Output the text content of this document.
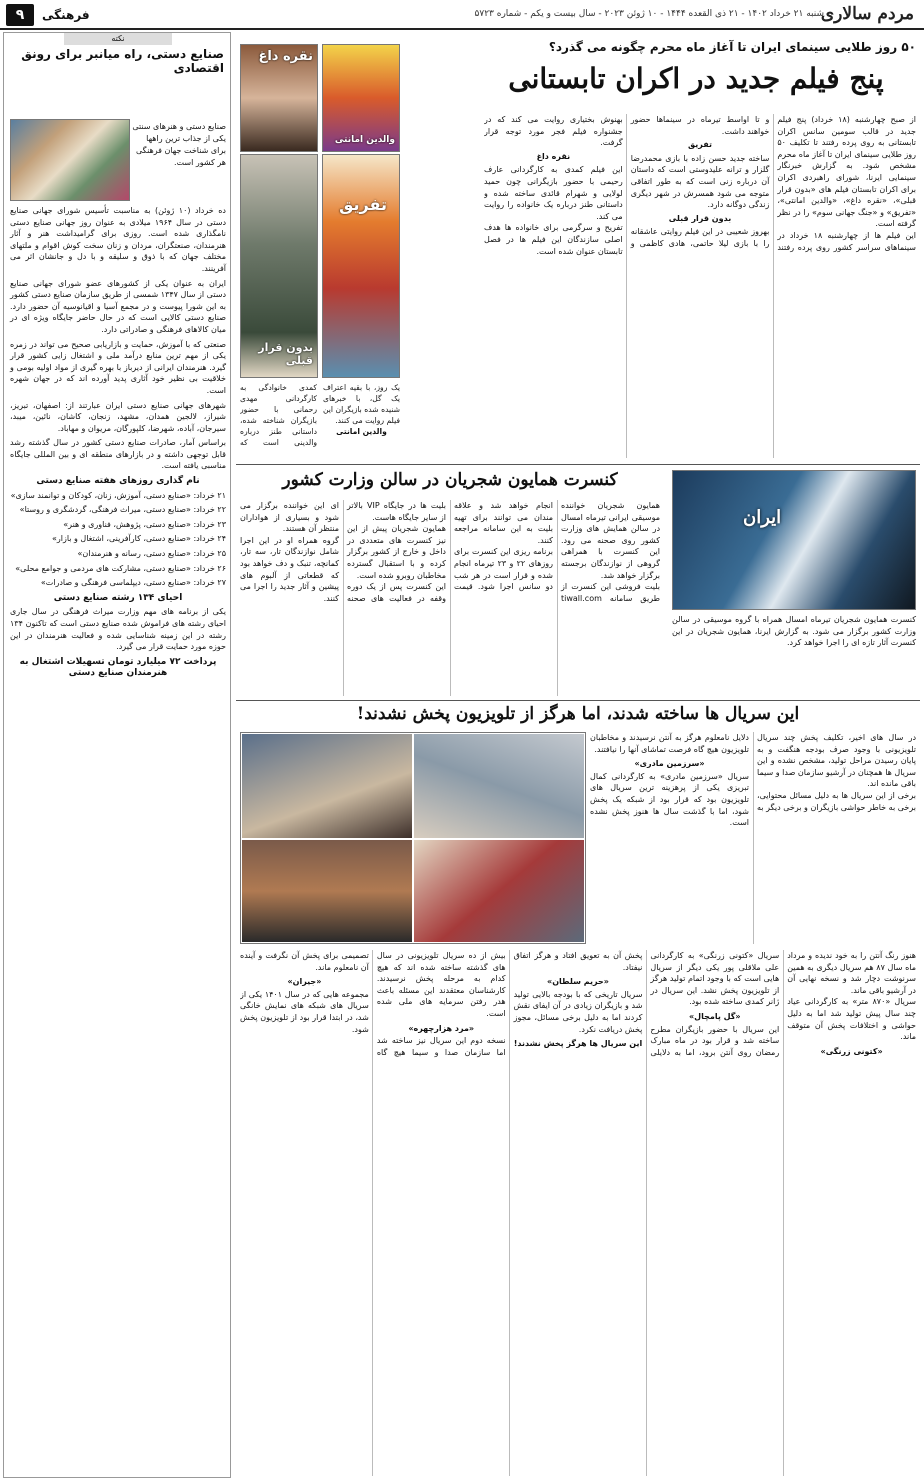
مردم سالاری
شنبه ۲۱ خرداد ۱۴۰۲ - ۲۱ ذی القعده ۱۴۴۴ - ۱۰ ژوئن ۲۰۲۳ - سال بیست و یکم - شماره ۵۷۲۳
فرهنگی
۹
نکته
صنایع دستی، راه میانبر برای رونق اقتصادی
صنایع دستی و هنرهای سنتی یکی از جذاب ترین راهها برای شناخت جهان فرهنگی هر کشور است.

ده خرداد (۱۰ ژوئن) به مناسبت تأسیس شورای جهانی صنایع دستی در سال ۱۹۶۴ میلادی به عنوان روز جهانی صنایع دستی نامگذاری شده است. روزی برای گرامیداشت هنر و آثار هنرمندان، صنعتگران، مردان و زنان سخت کوش اقوام و ملتهای مختلف جهان که با ذوق و سلیقه و با دل و جانشان اثر می آفرینند.

ایران به عنوان یکی از کشورهای عضو شورای جهانی صنایع دستی از سال ۱۳۴۷ شمسی از طریق سازمان صنایع دستی کشور به این شورا پیوست و در مجمع آسیا و اقیانوسیه آن حضور دارد. صنایع دستی کالایی است که در حال حاضر جایگاه ویژه ای در میان کالاهای فرهنگی و صادراتی دارد.

صنعتی که با آموزش، حمایت و بازاریابی صحیح می تواند در زمره یکی از مهم ترین منابع درآمد ملی و اشتغال زایی کشور قرار گیرد. هنرمندان ایرانی از دیرباز با بهره گیری از مواد اولیه بومی و خلاقیت بی نظیر خود آثاری پدید آورده اند که در جهان شهره است.

شهرهای جهانی صنایع دستی ایران عبارتند از: اصفهان، تبریز، شیراز، لالجین همدان، مشهد، زنجان، کاشان، نائین، میبد، سیرجان، آباده، شهرضا، کلپورگان، مریوان و مهاباد.

براساس آمار، صادرات صنایع دستی کشور در سال گذشته رشد قابل توجهی داشته و در بازارهای منطقه ای و بین المللی جایگاه مناسبی یافته است.

نام گذاری روزهای هفته صنایع دستی

۲۱ خرداد: «صنایع دستی، آموزش، زنان، کودکان و توانمند سازی»

۲۲ خرداد: «صنایع دستی، میراث فرهنگی، گردشگری و روستا»

۲۳ خرداد: «صنایع دستی، پژوهش، فناوری و هنر»

۲۴ خرداد: «صنایع دستی، کارآفرینی، اشتغال و بازار»

۲۵ خرداد: «صنایع دستی، رسانه و هنرمندان»

۲۶ خرداد: «صنایع دستی، مشارکت های مردمی و جوامع محلی»

۲۷ خرداد: «صنایع دستی، دیپلماسی فرهنگی و صادرات»

احیای ۱۳۴ رشته صنایع دستی

یکی از برنامه های مهم وزارت میراث فرهنگی در سال جاری احیای رشته های فراموش شده صنایع دستی است که تاکنون ۱۳۴ رشته در این زمینه شناسایی شده و فعالیت هنرمندان در این حوزه مورد حمایت قرار می گیرد.

پرداخت ۷۲ میلیارد تومان تسهیلات اشتغال به هنرمندان صنایع دستی
۵۰ روز طلایی سینمای ایران تا آغاز ماه محرم چگونه می گذرد؟
پنج فیلم جدید در اکران تابستانی

از صبح چهارشنبه (۱۸ خرداد) پنج فیلم جدید در قالب سومین سانس اکران تابستانی به روی پرده رفتند تا تکلیف ۵۰ روز طلایی سینمای ایران تا آغاز ماه محرم مشخص شود. به گزارش خبرنگار سینمایی ایرنا، شورای راهبردی اکران برای اکران تابستان فیلم های «بدون قرار قبلی»، «نقره داغ»، «والدین امانتی»، «تفریق» و «جنگ جهانی سوم» را در نظر گرفته است.

این فیلم ها از چهارشنبه ۱۸ خرداد در سینماهای سراسر کشور روی پرده رفتند و تا اواسط تیرماه در سینماها حضور خواهند داشت.

تفریق

ساخته جدید حسن زاده با بازی محمدرضا گلزار و ترانه علیدوستی است که داستان آن درباره زنی است که به طور اتفاقی متوجه می شود همسرش در شهر دیگری زندگی دوگانه دارد.

بدون قرار قبلی

بهروز شعیبی در این فیلم روایتی عاشقانه را با بازی لیلا حاتمی، هادی کاظمی و بهنوش بختیاری روایت می کند که در جشنواره فیلم فجر مورد توجه قرار گرفت.

نقره داغ

این فیلم کمدی به کارگردانی عارف رحیمی با حضور بازیگرانی چون حمید لولایی و شهرام قائدی ساخته شده و داستانی طنز درباره یک خانواده را روایت می کند.

تفریح و سرگرمی برای خانواده ها هدف اصلی سازندگان این فیلم ها در فصل تابستان عنوان شده است.

نقره داغ
والدین امانتی
بدون قرار قبلی
تفریق

یک روز، با بقیه اعتراف یک گل، با خبرهای شنیده شده بازیگران این فیلم روایت می کنند.

والدین امانتی

کمدی خانوادگی به کارگردانی مهدی رحمانی با حضور بازیگران شناخته شده، داستانی طنز درباره والدینی است که

ایران
کنسرت همایون شجریان تیرماه امسال همراه با گروه موسیقی در سالن وزارت کشور برگزار می شود. به گزارش ایرنا، همایون شجریان در این کنسرت آثار تازه ای را اجرا خواهد کرد.
کنسرت همایون شجریان در سالن وزارت کشور

همایون شجریان خواننده موسیقی ایرانی تیرماه امسال در سالن همایش های وزارت کشور روی صحنه می رود. این کنسرت با همراهی گروهی از نوازندگان برجسته برگزار خواهد شد.

بلیت فروشی این کنسرت از طریق سامانه tiwall.com انجام خواهد شد و علاقه مندان می توانند برای تهیه بلیت به این سامانه مراجعه کنند.

برنامه ریزی این کنسرت برای روزهای ۲۲ و ۲۳ تیرماه انجام شده و قرار است در هر شب دو سانس اجرا شود. قیمت بلیت ها در جایگاه VIP بالاتر از سایر جایگاه هاست.

همایون شجریان پیش از این نیز کنسرت های متعددی در داخل و خارج از کشور برگزار کرده و با استقبال گسترده مخاطبان روبرو شده است.

این کنسرت پس از یک دوره وقفه در فعالیت های صحنه ای این خواننده برگزار می شود و بسیاری از هواداران منتظر آن هستند.

گروه همراه او در این اجرا شامل نوازندگان تار، سه تار، کمانچه، تنبک و دف خواهد بود که قطعاتی از آلبوم های پیشین و آثار جدید را اجرا می کنند.

این سریال ها ساخته شدند، اما هرگز از تلویزیون پخش نشدند!

در سال های اخیر، تکلیف پخش چند سریال تلویزیونی با وجود صرف بودجه هنگفت و به پایان رسیدن مراحل تولید، مشخص نشده و این سریال ها همچنان در آرشیو سازمان صدا و سیما باقی مانده اند.

برخی از این سریال ها به دلیل مسائل محتوایی، برخی به خاطر حواشی بازیگران و برخی دیگر به دلایل نامعلوم هرگز به آنتن نرسیدند و مخاطبان تلویزیون هیچ گاه فرصت تماشای آنها را نیافتند.

«سرزمین مادری»

سریال «سرزمین مادری» به کارگردانی کمال تبریزی یکی از پرهزینه ترین سریال های تلویزیون بود که قرار بود از شبکه یک پخش شود، اما با گذشت سال ها هنوز پخش نشده است.

هنوز رنگ آنتن را به خود ندیده و مرداد ماه سال ۸۷ هم سریال دیگری به همین سرنوشت دچار شد و نسخه نهایی آن در آرشیو باقی ماند.

سریال «۸۷۰ متر» به کارگردانی عیاد چند سال پیش تولید شد اما به دلیل حواشی و اختلافات پخش آن متوقف ماند.

«کتونی زرنگی»

سریال «کتونی زرنگی» به کارگردانی علی ملاقلی پور یکی دیگر از سریال هایی است که با وجود اتمام تولید هرگز از تلویزیون پخش نشد. این سریال در ژانر کمدی ساخته شده بود.

«گل پامچال»

این سریال با حضور بازیگران مطرح ساخته شد و قرار بود در ماه مبارک رمضان روی آنتن برود، اما به دلایلی پخش آن به تعویق افتاد و هرگز اتفاق نیفتاد.

«حریم سلطان»

سریال تاریخی که با بودجه بالایی تولید شد و بازیگران زیادی در آن ایفای نقش کردند اما به دلیل برخی مسائل، مجوز پخش دریافت نکرد.

این سریال ها هرگز پخش نشدند!

بیش از ده سریال تلویزیونی در سال های گذشته ساخته شده اند که هیچ کدام به مرحله پخش نرسیدند. کارشناسان معتقدند این مسئله باعث هدر رفتن سرمایه های ملی شده است.

«مرد هزارچهره»

نسخه دوم این سریال نیز ساخته شد اما سازمان صدا و سیما هیچ گاه تصمیمی برای پخش آن نگرفت و آینده آن نامعلوم ماند.

«جیران»

مجموعه هایی که در سال ۱۴۰۱ یکی از سریال های شبکه های نمایش خانگی شد، در ابتدا قرار بود از تلویزیون پخش شود.
